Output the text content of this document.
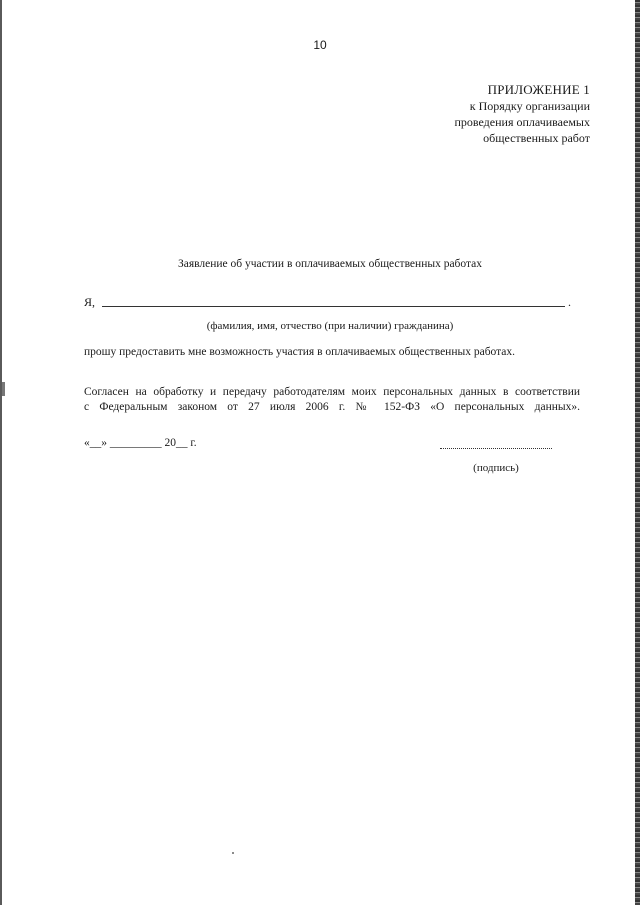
10
ПРИЛОЖЕНИЕ 1
к Порядку организации
проведения оплачиваемых
общественных работ
Заявление об участии в оплачиваемых общественных работах
Я,	.
(фамилия, имя, отчество (при наличии) гражданина)
прошу предоставить мне возможность участия в оплачиваемых общественных работах.
Согласен на обработку и передачу работодателям моих персональных данных в соответствии
с Федеральным законом от 27 июля 2006 г. № 152-ФЗ «О персональных данных».
«__» _________ 20__ г.
(подпись)
